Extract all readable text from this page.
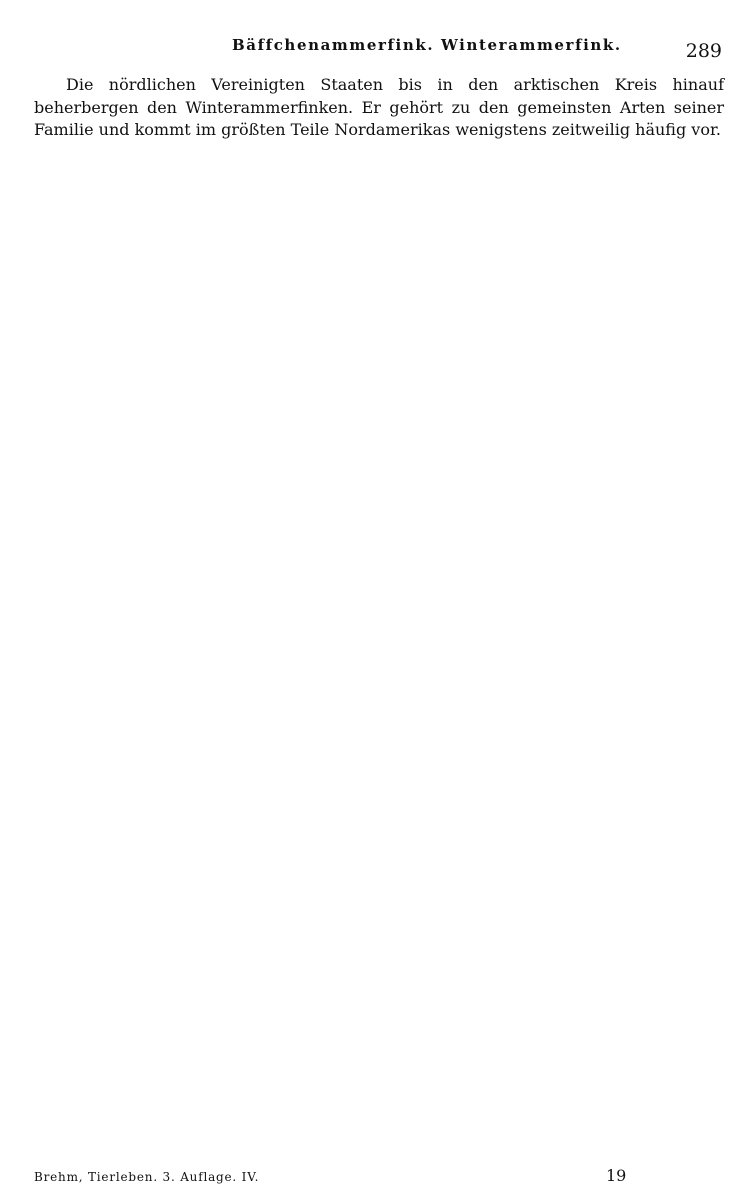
Bäffchenammerfink. Winterammerfink.	289

Die nördlichen Vereinigten Staaten bis in den arktischen Kreis hinauf beherbergen den Winterammerfinken. Er gehört zu den gemeinsten Arten seiner Familie und kommt im größten Teile Nordamerikas wenigstens zeitweilig häufig vor.

Brehm, Tierleben. 3. Auflage. IV.	19
